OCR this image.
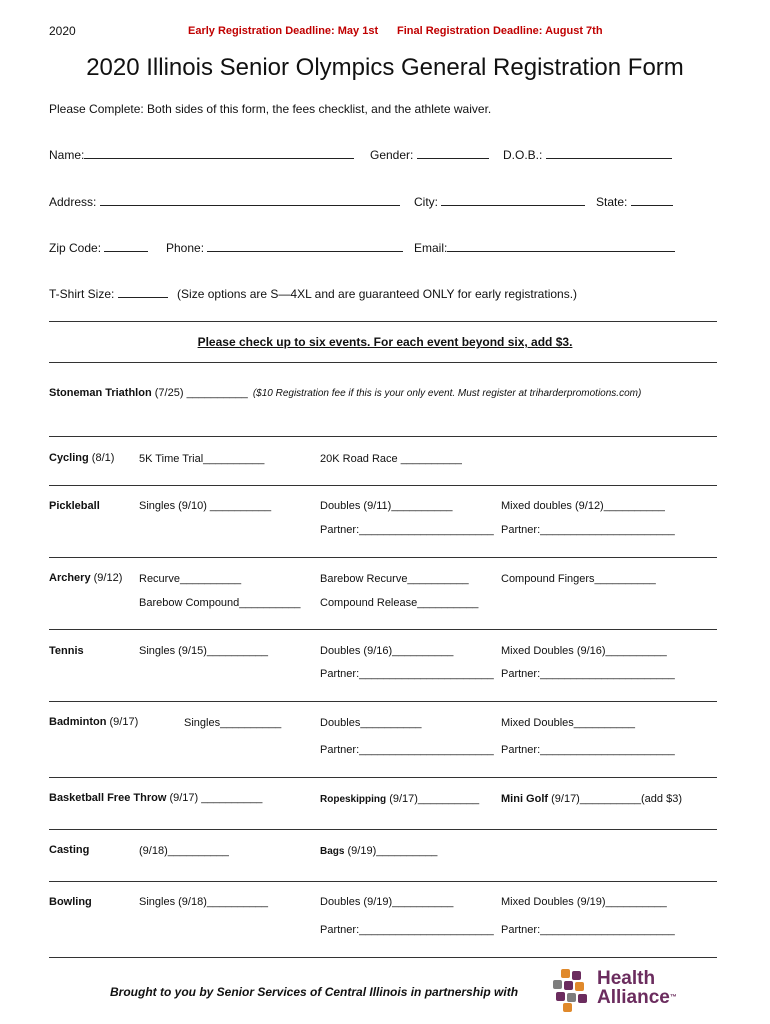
2020	Early Registration Deadline: May 1st Final Registration Deadline: August 7th
2020 Illinois Senior Olympics General Registration Form
Please Complete: Both sides of this form, the fees checklist, and the athlete waiver.
Name:	Gender:	D.O.B.:
Address:	City:	State:
Zip Code:	Phone:	Email:
T-Shirt Size:	(Size options are S—4XL and are guaranteed ONLY for early registrations.)
Please check up to six events. For each event beyond six, add $3.
Stoneman Triathlon (7/25) __________ ($10 Registration fee if this is your only event. Must register at triharderpromotions.com)
Cycling (8/1) 5K Time Trial__________	20K Road Race __________
Pickleball	Singles (9/10) __________	Doubles (9/11)__________	Mixed doubles (9/12)__________
Partner:______________________ Partner:______________________
Archery (9/12) Recurve__________	Barebow Recurve__________	Compound Fingers__________
Barebow Compound__________ Compound Release__________
Tennis	Singles (9/15)__________	Doubles (9/16)__________	Mixed Doubles (9/16)__________
Partner:______________________ Partner:______________________
Badminton (9/17)	Singles__________	Doubles__________	Mixed Doubles__________
Partner:______________________ Partner:______________________
Basketball Free Throw (9/17) __________	Ropeskipping (9/17)__________ Mini Golf (9/17)__________(add $3)
Casting	(9/18)__________	Bags (9/19)__________
Bowling	Singles (9/18)__________	Doubles (9/19)__________	Mixed Doubles (9/19)__________
Partner:______________________ Partner:______________________
Brought to you by Senior Services of Central Illinois in partnership with
Health
Alliance™
